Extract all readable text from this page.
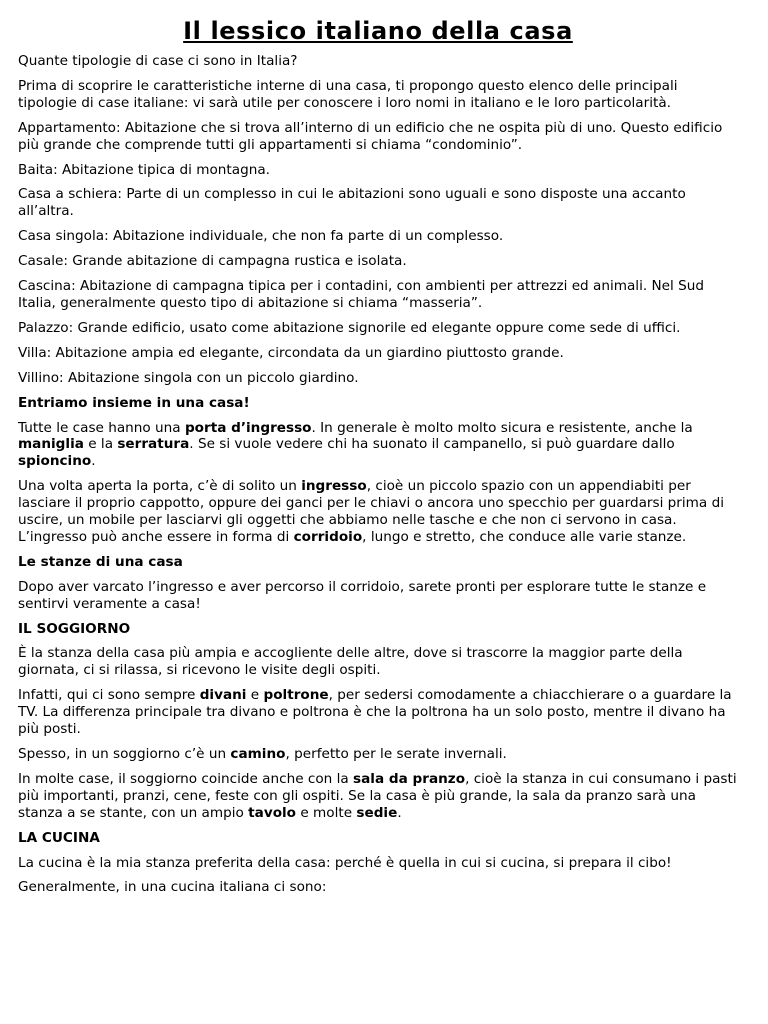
Il lessico italiano della casa

Quante tipologie di case ci sono in Italia?

Prima di scoprire le caratteristiche interne di una casa, ti propongo questo elenco delle principali tipologie di case italiane: vi sarà utile per conoscere i loro nomi in italiano e le loro particolarità.

Appartamento: Abitazione che si trova all’interno di un edificio che ne ospita più di uno. Questo edificio più grande che comprende tutti gli appartamenti si chiama “condominio”.

Baita: Abitazione tipica di montagna.

Casa a schiera: Parte di un complesso in cui le abitazioni sono uguali e sono disposte una accanto all’altra.

Casa singola: Abitazione individuale, che non fa parte di un complesso.

Casale: Grande abitazione di campagna rustica e isolata.

Cascina: Abitazione di campagna tipica per i contadini, con ambienti per attrezzi ed animali. Nel Sud Italia, generalmente questo tipo di abitazione si chiama “masseria”.

Palazzo: Grande edificio, usato come abitazione signorile ed elegante oppure come sede di uffici.

Villa: Abitazione ampia ed elegante, circondata da un giardino piuttosto grande.

Villino: Abitazione singola con un piccolo giardino.

Entriamo insieme in una casa!

Tutte le case hanno una porta d’ingresso. In generale è molto molto sicura e resistente, anche la maniglia e la serratura. Se si vuole vedere chi ha suonato il campanello, si può guardare dallo spioncino.

Una volta aperta la porta, c’è di solito un ingresso, cioè un piccolo spazio con un appendiabiti per lasciare il proprio cappotto, oppure dei ganci per le chiavi o ancora uno specchio per guardarsi prima di uscire, un mobile per lasciarvi gli oggetti che abbiamo nelle tasche e che non ci servono in casa. L’ingresso può anche essere in forma di corridoio, lungo e stretto, che conduce alle varie stanze.

Le stanze di una casa

Dopo aver varcato l’ingresso e aver percorso il corridoio, sarete pronti per esplorare tutte le stanze e sentirvi veramente a casa!

IL SOGGIORNO

È la stanza della casa più ampia e accogliente delle altre, dove si trascorre la maggior parte della giornata, ci si rilassa, si ricevono le visite degli ospiti.

Infatti, qui ci sono sempre divani e poltrone, per sedersi comodamente a chiacchierare o a guardare la TV. La differenza principale tra divano e poltrona è che la poltrona ha un solo posto, mentre il divano ha più posti.

Spesso, in un soggiorno c’è un camino, perfetto per le serate invernali.

In molte case, il soggiorno coincide anche con la sala da pranzo, cioè la stanza in cui consumano i pasti più importanti, pranzi, cene, feste con gli ospiti. Se la casa è più grande, la sala da pranzo sarà una stanza a se stante, con un ampio tavolo e molte sedie.

LA CUCINA

La cucina è la mia stanza preferita della casa: perché è quella in cui si cucina, si prepara il cibo!

Generalmente, in una cucina italiana ci sono:
